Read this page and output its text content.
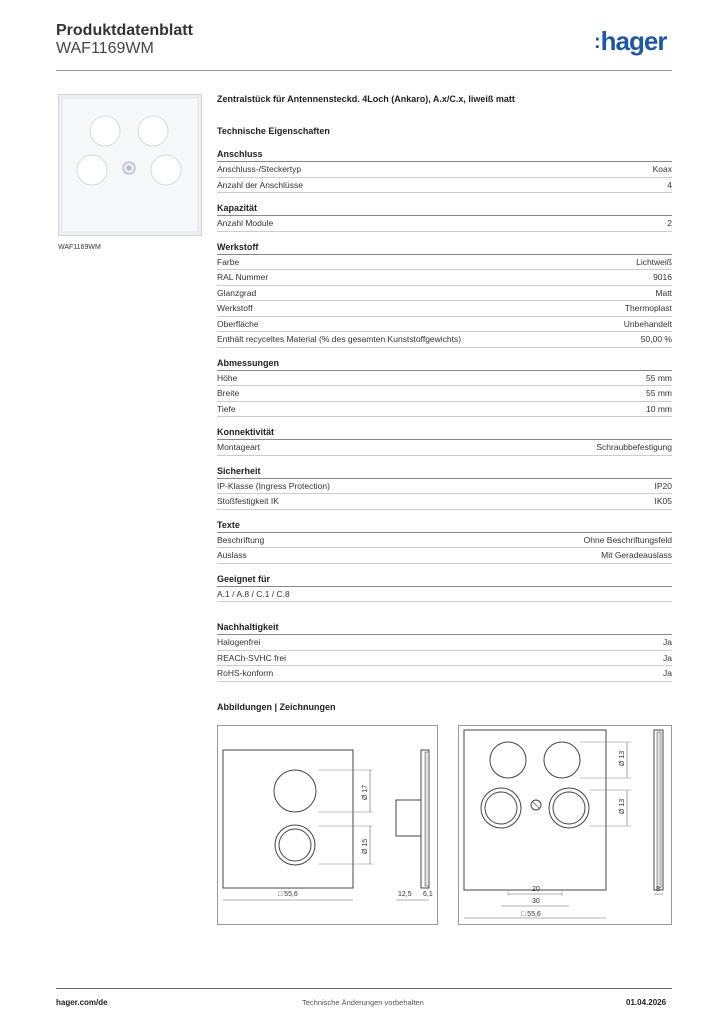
Produktdatenblatt
WAF1169WM	:hager
WAF1169WM
Zentralstück für Antennensteckd. 4Loch (Ankaro), A.x/C.x, liweiß matt
Technische Eigenschaften
Anschluss
Anschluss-/Steckertyp	Koax
Anzahl der Anschlüsse	4
Kapazität
Anzahl Module	2
Werkstoff
Farbe	Lichtweiß
RAL Nummer	9016
Glanzgrad	Matt
Werkstoff	Thermoplast
Oberfläche	Unbehandelt
Enthält recyceltes Material (% des gesamten Kunststoffgewichts)	50,00 %
Abmessungen
Höhe	55 mm
Breite	55 mm
Tiefe	10 mm
Konnektivität
Montageart	Schraubbefestigung
Sicherheit
IP-Klasse (Ingress Protection)	IP20
Stoßfestigkeit IK	IK05
Texte
Beschriftung	Ohne Beschriftungsfeld
Auslass	Mit Geradeauslass
Geeignet für
A.1 / A.8 / C.1 / C.8
Nachhaltigkeit
Halogenfrei	Ja
REACh-SVHC frei	Ja
RoHS-konform	Ja
Abbildungen | Zeichnungen
Ø 17
Ø 15
□ 55,6	12,5 6,1
Ø 13
Ø 13
20
30
□ 55,6
8
hager.com/de	Technische Änderungen vorbehalten	01.04.2026
